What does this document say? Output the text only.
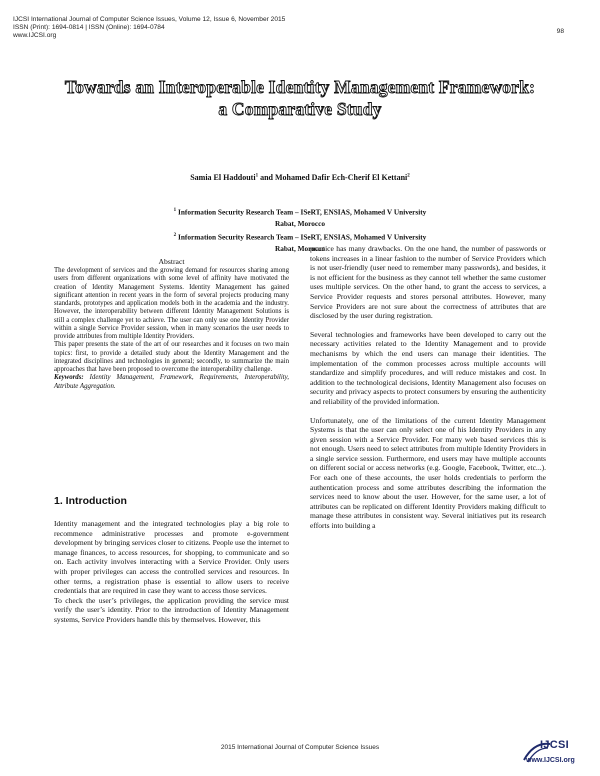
IJCSI International Journal of Computer Science Issues, Volume 12, Issue 6, November 2015
ISSN (Print): 1694-0814 | ISSN (Online): 1694-0784
www.IJCSI.org
98
Towards an Interoperable Identity Management Framework:
a Comparative Study
Samia El Haddouti$^1$ and Mohamed Dafir Ech-Cherif El Kettani$^2$
$^1$ Information Security Research Team – ISeRT, ENSIAS, Mohamed V University
Rabat, Morocco
$^2$ Information Security Research Team – ISeRT, ENSIAS, Mohamed V University
Rabat, Morocco
Abstract

The development of services and the growing demand for resources sharing among users from different organizations with some level of affinity have motivated the creation of Identity Management Systems. Identity Management has gained significant attention in recent years in the form of several projects producing many standards, prototypes and application models both in the academia and the industry. However, the interoperability between different Identity Management Solutions is still a complex challenge yet to achieve. The user can only use one Identity Provider within a single Service Provider session, when in many scenarios the user needs to provide attributes from multiple Identity Providers.

This paper presents the state of the art of our researches and it focuses on two main topics: first, to provide a detailed study about the Identity Management and the integrated disciplines and technologies in general; secondly, to summarize the main approaches that have been proposed to overcome the interoperability challenge.

Keywords: Identity Management, Framework, Requirements, Interoperability, Attribute Aggregation.

1. Introduction

Identity management and the integrated technologies play a big role to recommence administrative processes and promote e-government development by bringing services closer to citizens. People use the internet to manage finances, to access resources, for shopping, to communicate and so on. Each activity involves interacting with a Service Provider. Only users with proper privileges can access the controlled services and resources. In other terms, a registration phase is essential to allow users to receive credentials that are required in case they want to access those services.

To check the user’s privileges, the application providing the service must verify the user’s identity. Prior to the introduction of Identity Management systems, Service Providers handle this by themselves. However, this

practice has many drawbacks. On the one hand, the number of passwords or tokens increases in a linear fashion to the number of Service Providers which is not user-friendly (user need to remember many passwords), and besides, it is not efficient for the business as they cannot tell whether the same customer uses multiple services. On the other hand, to grant the access to services, a Service Provider requests and stores personal attributes. However, many Service Providers are not sure about the correctness of attributes that are disclosed by the user during registration.

Several technologies and frameworks have been developed to carry out the necessary activities related to the Identity Management and to provide mechanisms by which the end users can manage their identities. The implementation of the common processes across multiple accounts will standardize and simplify procedures, and will reduce mistakes and cost. In addition to the technological decisions, Identity Management also focuses on security and privacy aspects to protect consumers by ensuring the authenticity and reliability of the provided information.

Unfortunately, one of the limitations of the current Identity Management Systems is that the user can only select one of his Identity Providers in any given session with a Service Provider. For many web based services this is not enough. Users need to select attributes from multiple Identity Providers in a single service session. Furthermore, end users may have multiple accounts on different social or access networks (e.g. Google, Facebook, Twitter, etc...). For each one of these accounts, the user holds credentials to perform the authentication process and some attributes describing the information the services need to know about the user. However, for the same user, a lot of attributes can be replicated on different Identity Providers making difficult to manage these attributes in consistent way. Several initiatives put its research efforts into building a

2015 International Journal of Computer Science Issues	IJCSI
www.IJCSI.org
